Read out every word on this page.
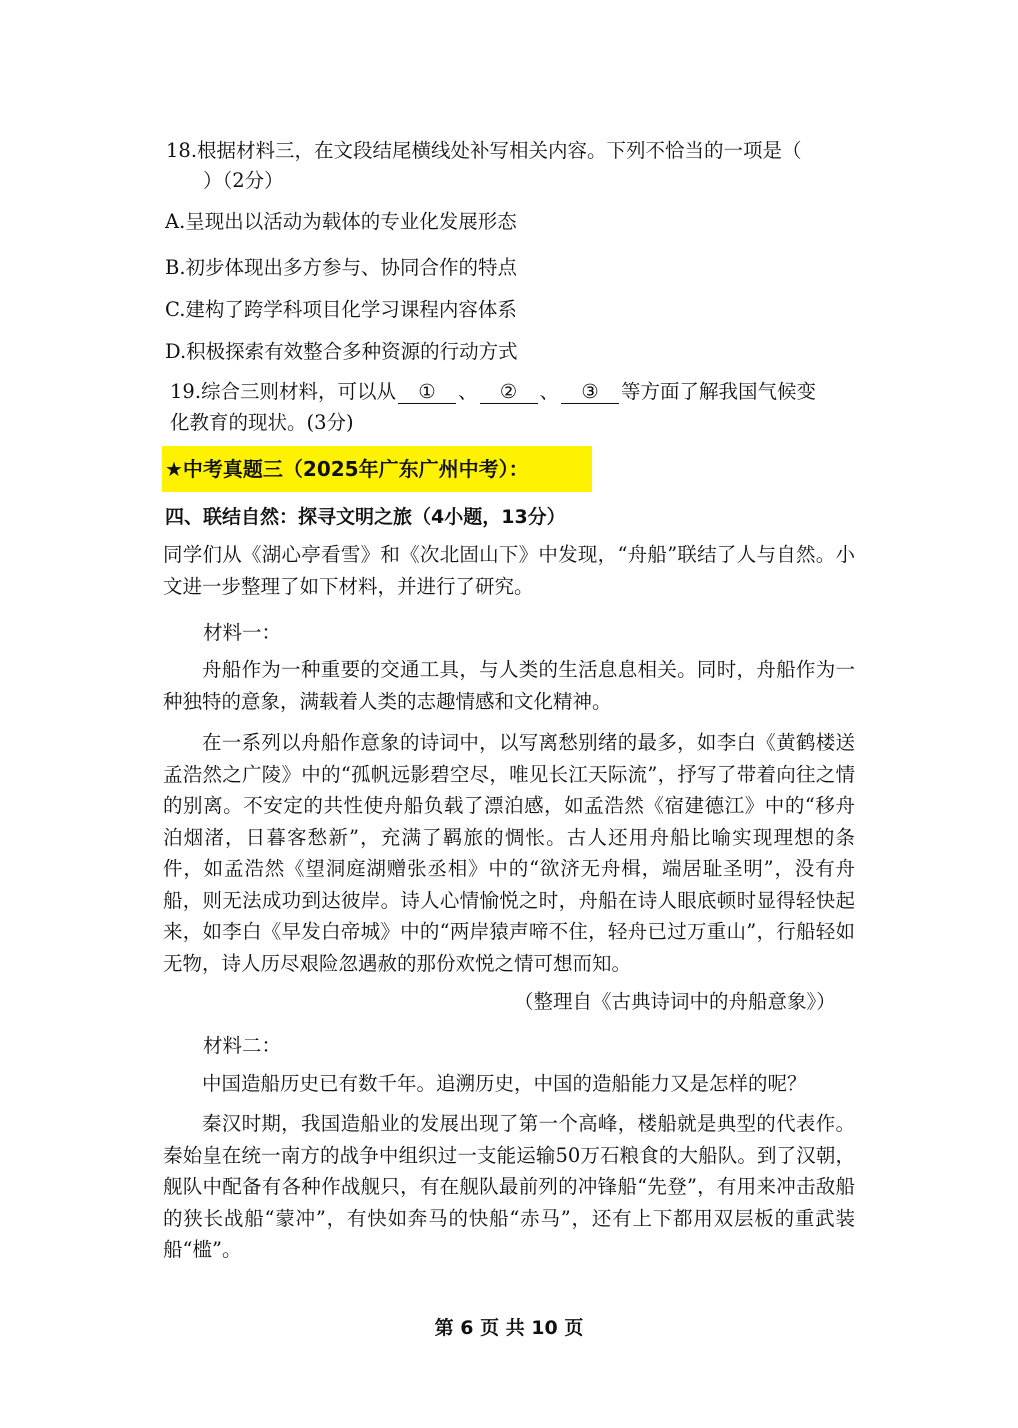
18.根据材料三，在文段结尾横线处补写相关内容。下列不恰当的一项是（
）（2分）
A.呈现出以活动为载体的专业化发展形态
B.初步体现出多方参与、协同合作的特点
C.建构了跨学科项目化学习课程内容体系
D.积极探索有效整合多种资源的行动方式
19.综合三则材料，可以从 ① 、 ② 、 ③ 等方面了解我国气候变
化教育的现状。(3分)
★中考真题三（2025年广东广州中考）：
四、联结自然：探寻文明之旅（4小题，13分）

同学们从《湖心亭看雪》和《次北固山下》中发现，“舟船”联结了人与自然。小文进一步整理了如下材料，并进行了研究。

材料一：

舟船作为一种重要的交通工具，与人类的生活息息相关。同时，舟船作为一种独特的意象，满载着人类的志趣情感和文化精神。

在一系列以舟船作意象的诗词中，以写离愁别绪的最多，如李白《黄鹤楼送孟浩然之广陵》中的“孤帆远影碧空尽，唯见长江天际流”，抒写了带着向往之情的别离。不安定的共性使舟船负载了漂泊感，如孟浩然《宿建德江》中的“移舟泊烟渚，日暮客愁新”，充满了羁旅的惆怅。古人还用舟船比喻实现理想的条件，如孟浩然《望洞庭湖赠张丞相》中的“欲济无舟楫，端居耻圣明”，没有舟船，则无法成功到达彼岸。诗人心情愉悦之时，舟船在诗人眼底顿时显得轻快起来，如李白《早发白帝城》中的“两岸猿声啼不住，轻舟已过万重山”，行船轻如无物，诗人历尽艰险忽遇赦的那份欢悦之情可想而知。

（整理自《古典诗词中的舟船意象》）
材料二：

中国造船历史已有数千年。追溯历史，中国的造船能力又是怎样的呢？

秦汉时期，我国造船业的发展出现了第一个高峰，楼船就是典型的代表作。秦始皇在统一南方的战争中组织过一支能运输50万石粮食的大船队。到了汉朝，舰队中配备有各种作战舰只，有在舰队最前列的冲锋船“先登”，有用来冲击敌船的狭长战船“蒙冲”，有快如奔马的快船“赤马”，还有上下都用双层板的重武装船“槛”。

第 6 页 共 10 页
